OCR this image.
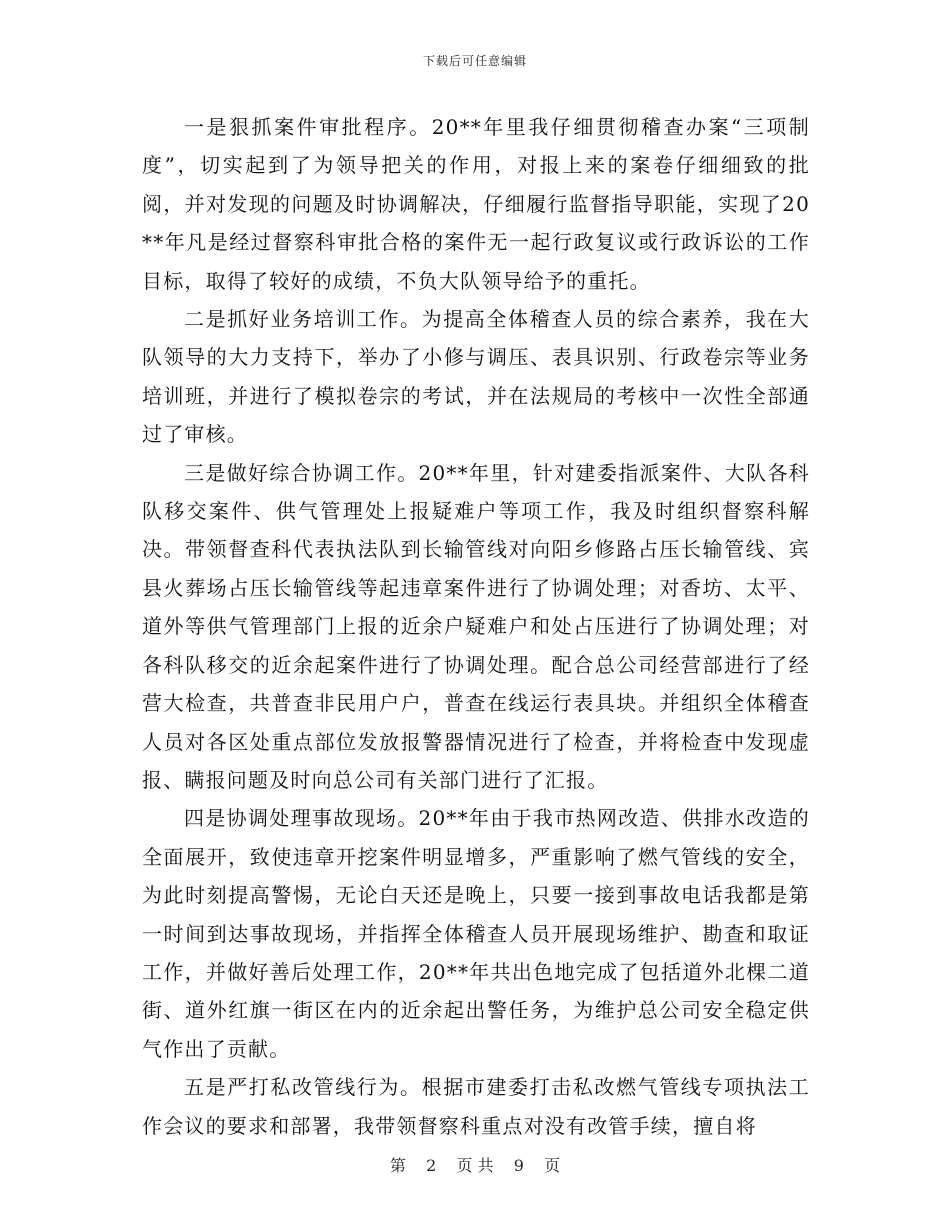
下载后可任意编辑

一是狠抓案件审批程序。20**年里我仔细贯彻稽查办案“三项制度”，切实起到了为领导把关的作用，对报上来的案卷仔细细致的批阅，并对发现的问题及时协调解决，仔细履行监督指导职能，实现了20**年凡是经过督察科审批合格的案件无一起行政复议或行政诉讼的工作目标，取得了较好的成绩，不负大队领导给予的重托。

二是抓好业务培训工作。为提高全体稽查人员的综合素养，我在大队领导的大力支持下，举办了小修与调压、表具识别、行政卷宗等业务培训班，并进行了模拟卷宗的考试，并在法规局的考核中一次性全部通过了审核。

三是做好综合协调工作。20**年里，针对建委指派案件、大队各科队移交案件、供气管理处上报疑难户等项工作，我及时组织督察科解决。带领督查科代表执法队到长输管线对向阳乡修路占压长输管线、宾县火葬场占压长输管线等起违章案件进行了协调处理；对香坊、太平、道外等供气管理部门上报的近余户疑难户和处占压进行了协调处理；对各科队移交的近余起案件进行了协调处理。配合总公司经营部进行了经营大检查，共普查非民用户户，普查在线运行表具块。并组织全体稽查人员对各区处重点部位发放报警器情况进行了检查，并将检查中发现虚报、瞒报问题及时向总公司有关部门进行了汇报。

四是协调处理事故现场。20**年由于我市热网改造、供排水改造的全面展开，致使违章开挖案件明显增多，严重影响了燃气管线的安全，为此时刻提高警惕，无论白天还是晚上，只要一接到事故电话我都是第一时间到达事故现场，并指挥全体稽查人员开展现场维护、勘查和取证工作，并做好善后处理工作，20**年共出色地完成了包括道外北棵二道街、道外红旗一街区在内的近余起出警任务，为维护总公司安全稳定供气作出了贡献。

五是严打私改管线行为。根据市建委打击私改燃气管线专项执法工作会议的要求和部署，我带领督察科重点对没有改管手续，擅自将

第 2 页 共 9 页
